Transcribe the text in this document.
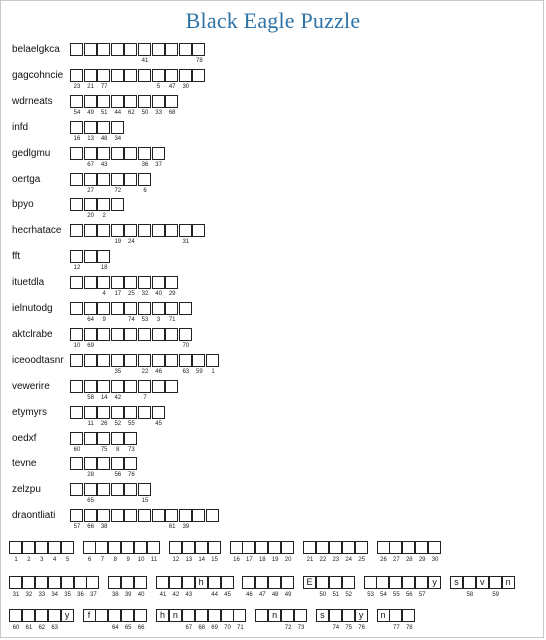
Black Eagle Puzzle
belaelgkca
41	78
gagcohncie
23	21	77	5	47	30
wdrneats
54	49	51	44	62	50	33	68
infd
16	13	48	34
gedlgmu
67	43	36	37
oertga
27	72	6
bpyo
20	2
hecrhatace
19	24	31
fft
12	18
ituetdla
4	17	25	32	40	29
ielnutodg
64	9	74	53	3	71
aktclrabe
10	69	70
iceoodtasnr
35	22	46	63	59	1
vewerire
58	14	42	7
etymyrs
11	26	52	55	45
oedxf
60	75	8	73
tevne
28	56	76
zelzpu
65	15
draontliati
57	66	38	61	39
1	2	3	4	5	6	7	8	9	10	11	12	13	14	15	16	17	18	19	20	21	22	23	24	25	26	27	28	29	30
31	32	33	34	35	36	37	38	39	40	41	42	43
h
44	45	46	47	48	49
E
50	51	52	53	54	55	56	57
y	s
58
v
59
n
60	61	62	63
y	f
64	65	66
h n
67	68	69	70	71
n
72	73
s
74	75
y
76
n
77	78
